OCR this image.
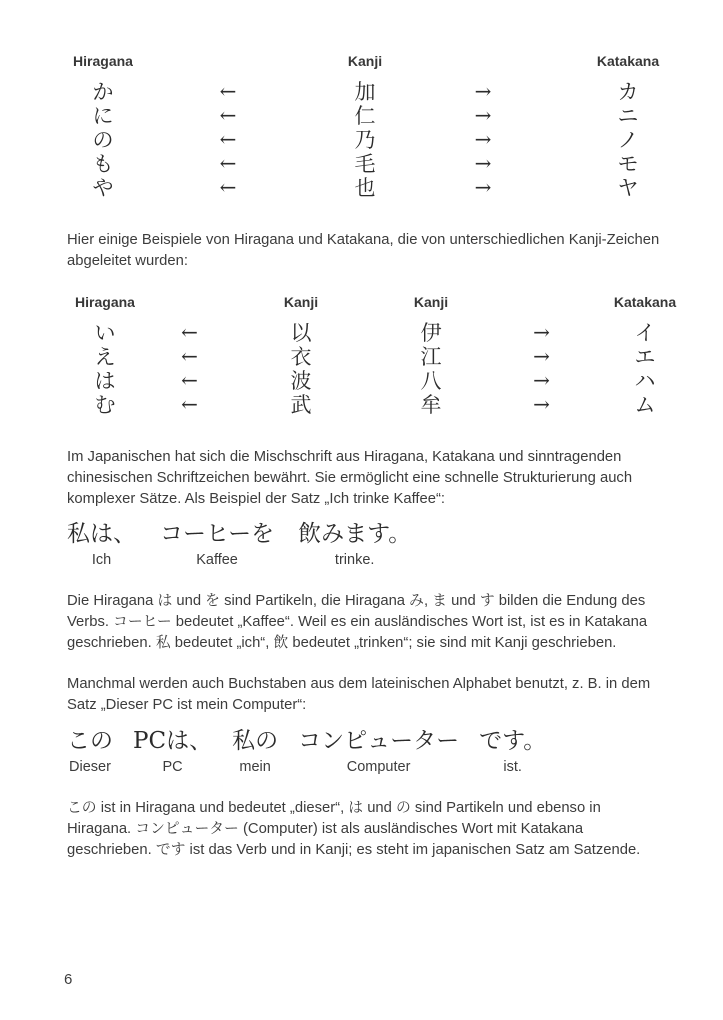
Hiragana	Kanji	Katakana
か	←	加	→	カ
に	←	仁	→	ニ
の	←	乃	→	ノ
も	←	毛	→	モ
や	←	也	→	ヤ

Hier einige Beispiele von Hiragana und Katakana, die von unterschiedlichen Kanji-Zeichen abgeleitet wurden:

Hiragana	Kanji	Kanji	Katakana
い	←	以	伊	→	イ
え	←	衣	江	→	エ
は	←	波	八	→	ハ
む	←	武	牟	→	ム

Im Japanischen hat sich die Mischschrift aus Hiragana, Katakana und sinntragenden chinesischen Schriftzeichen bewährt. Sie ermöglicht eine schnelle Strukturierung auch komplexer Sätze. Als Beispiel der Satz „Ich trinke Kaffee“:

私は、
Ich
コーヒーを
Kaffee
飲みます。
trinke.

Die Hiragana は und を sind Partikeln, die Hiragana み, ま und す bilden die Endung des Verbs. コーヒー bedeutet „Kaffee“. Weil es ein ausländisches Wort ist, ist es in Katakana geschrieben. 私 bedeutet „ich“, 飲 bedeutet „trinken“; sie sind mit Kanji geschrieben.

Manchmal werden auch Buchstaben aus dem lateinischen Alphabet benutzt, z. B. in dem Satz „Dieser PC ist mein Computer“:

この
Dieser
PCは、
PC
私の
mein
コンピューター
Computer
です。
ist.

この ist in Hiragana und bedeutet „dieser“, は und の sind Partikeln und ebenso in Hiragana. コンピューター (Computer) ist als ausländisches Wort mit Katakana geschrieben. です ist das Verb und in Kanji; es steht im japanischen Satz am Satzende.

6
